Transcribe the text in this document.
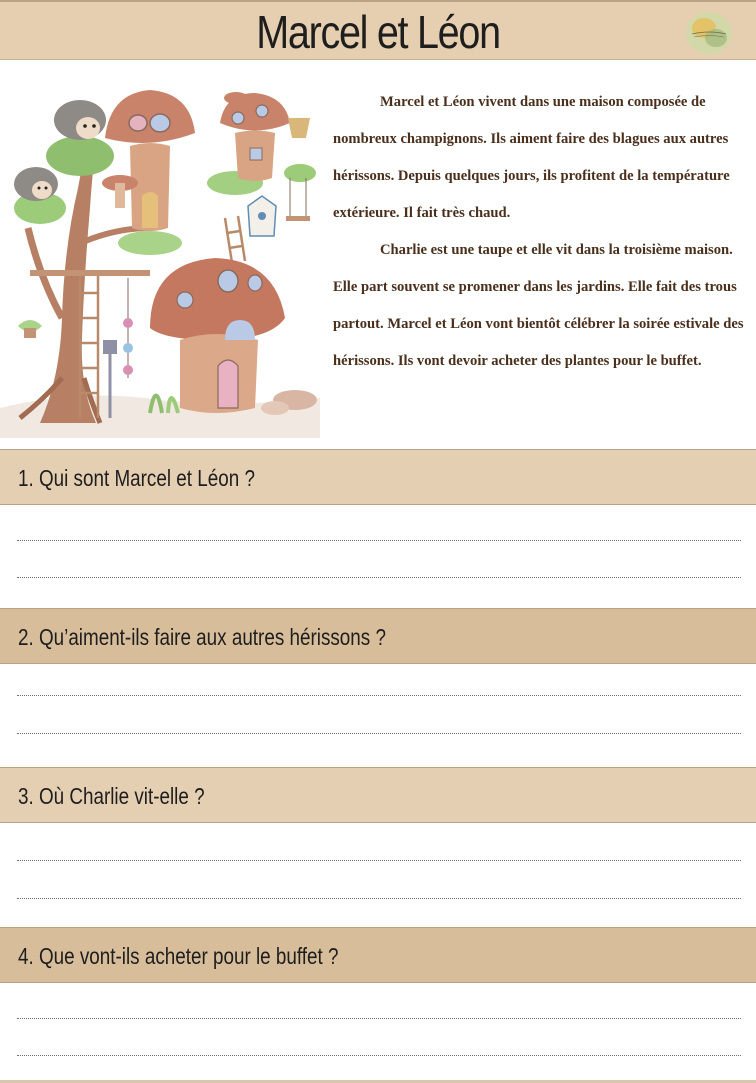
Marcel et Léon

Marcel et Léon vivent dans une maison composée de nombreux champignons. Ils aiment faire des blagues aux autres hérissons. Depuis quelques jours, ils profitent de la température extérieure. Il fait très chaud.

Charlie est une taupe et elle vit dans la troisième maison. Elle part souvent se promener dans les jardins. Elle fait des trous partout. Marcel et Léon vont bientôt célébrer la soirée estivale des hérissons. Ils vont devoir acheter des plantes pour le buffet.

1. Qui sont Marcel et Léon ?
2. Qu’aiment-ils faire aux autres hérissons ?
3. Où Charlie vit-elle ?
4. Que vont-ils acheter pour le buffet ?
